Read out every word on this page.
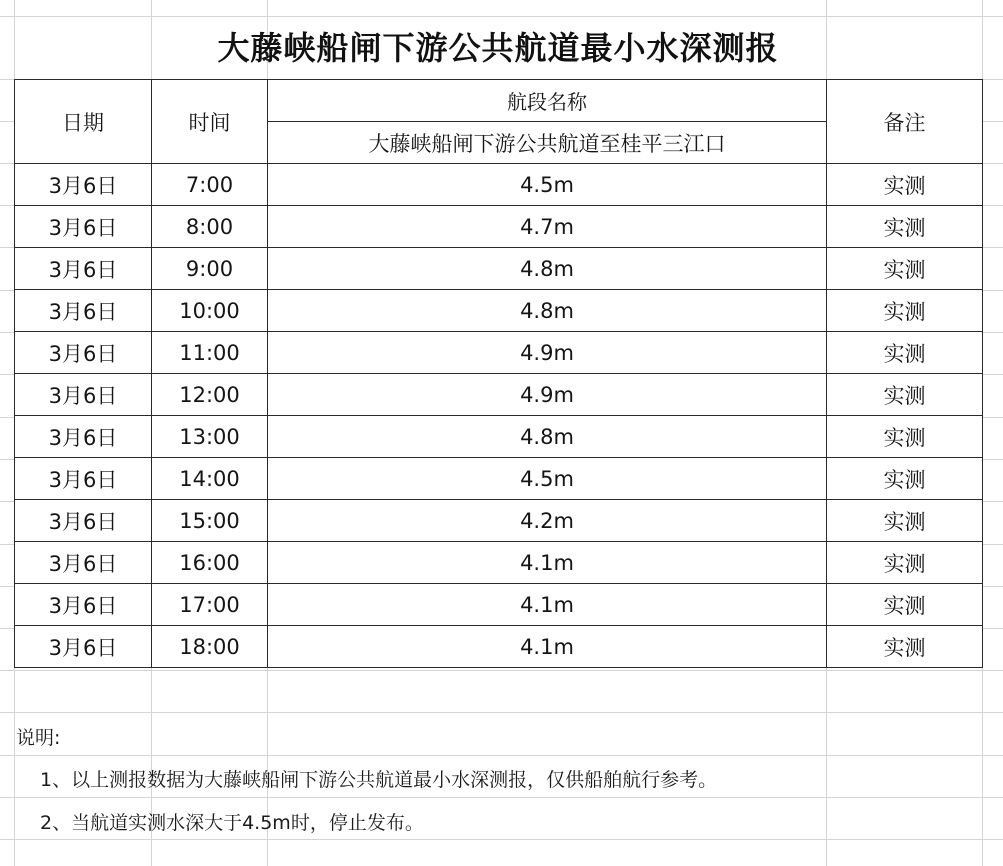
大藤峡船闸下游公共航道最小水深测报
日期	时间	航段名称	备注
		大藤峡船闸下游公共航道至桂平三江口	
3月6日	7:00	4.5m	实测
3月6日	8:00	4.7m	实测
3月6日	9:00	4.8m	实测
3月6日	10:00	4.8m	实测
3月6日	11:00	4.9m	实测
3月6日	12:00	4.9m	实测
3月6日	13:00	4.8m	实测
3月6日	14:00	4.5m	实测
3月6日	15:00	4.2m	实测
3月6日	16:00	4.1m	实测
3月6日	17:00	4.1m	实测
3月6日	18:00	4.1m	实测
说明:
1、以上测报数据为大藤峡船闸下游公共航道最小水深测报，仅供船舶航行参考。
2、当航道实测水深大于4.5m时，停止发布。
